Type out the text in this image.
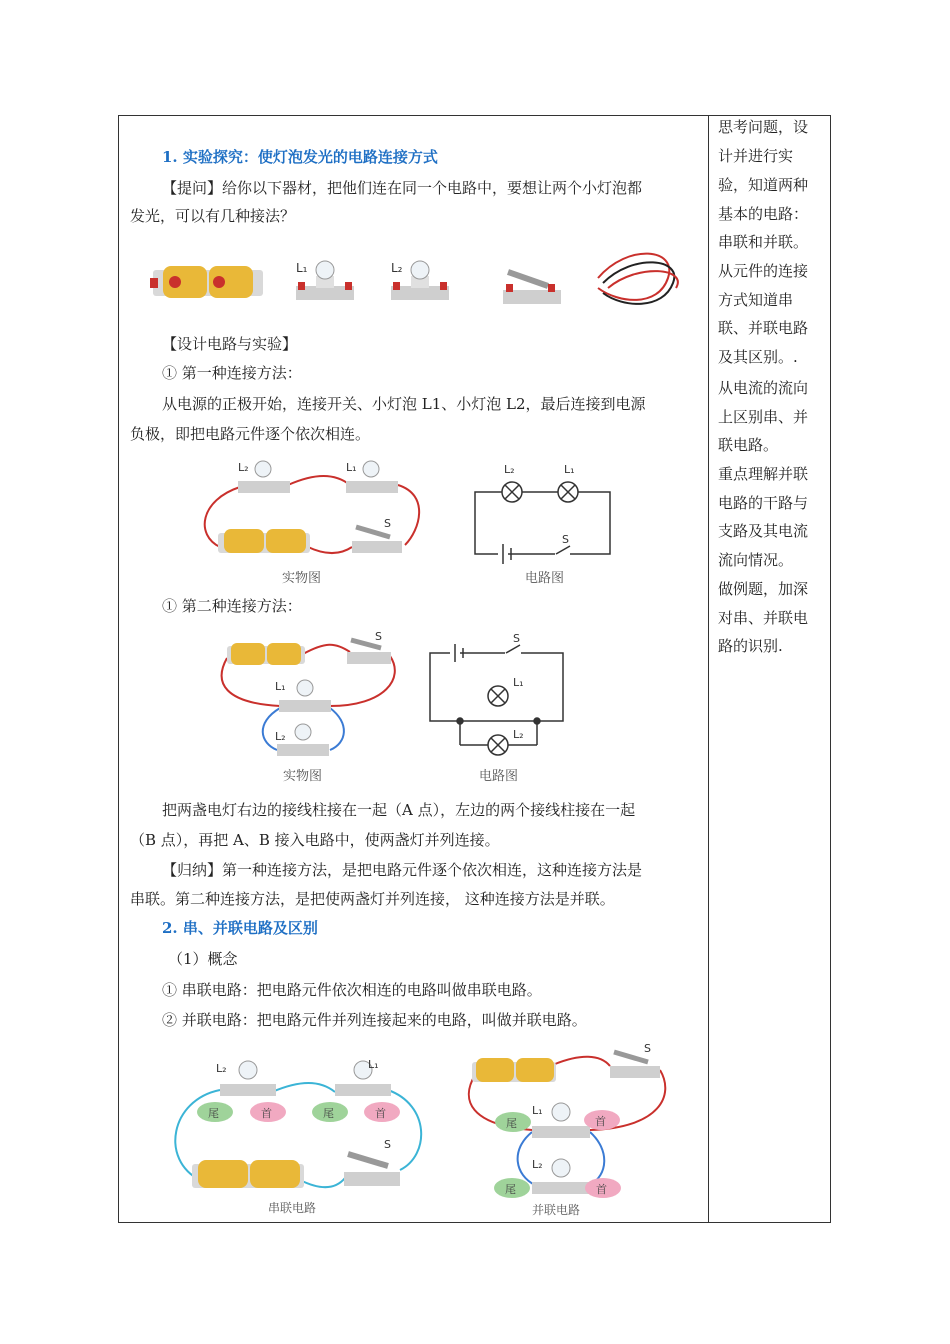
1. 实验探究：使灯泡发光的电路连接方式
【提问】给你以下器材，把他们连在同一个电路中，要想让两个小灯泡都
发光，可以有几种接法？
L₁	L₂
【设计电路与实验】
① 第一种连接方法：
从电源的正极开始，连接开关、小灯泡 L1、小灯泡 L2，最后连接到电源
负极，即把电路元件逐个依次相连。
L₂	L₁
S
实物图
L₂	L₁
S
电路图
① 第二种连接方法：
S
L₁
L₂
实物图
S
L₁
L₂
电路图
把两盏电灯右边的接线柱接在一起（A 点），左边的两个接线柱接在一起
（B 点），再把 A、B 接入电路中，使两盏灯并列连接。
【归纳】第一种连接方法，是把电路元件逐个依次相连，这种连接方法是
串联。第二种连接方法，是把使两盏灯并列连接， 这种连接方法是并联。
2. 串、并联电路及区别
（1）概念
① 串联电路：把电路元件依次相连的电路叫做串联电路。
② 并联电路：把电路元件并列连接起来的电路，叫做并联电路。
L₂
尾	首
L₁
尾	首
S
串联电路
S
L₁
尾	首
L₂
尾	首
并联电路
思考问题，设
计并进行实
验，知道两种
基本的电路：
串联和并联。
从元件的连接
方式知道串
联、并联电路
及其区别。.
从电流的流向
上区别串、并
联电路。
重点理解并联
电路的干路与
支路及其电流
流向情况。
做例题，加深
对串、并联电
路的识别.
